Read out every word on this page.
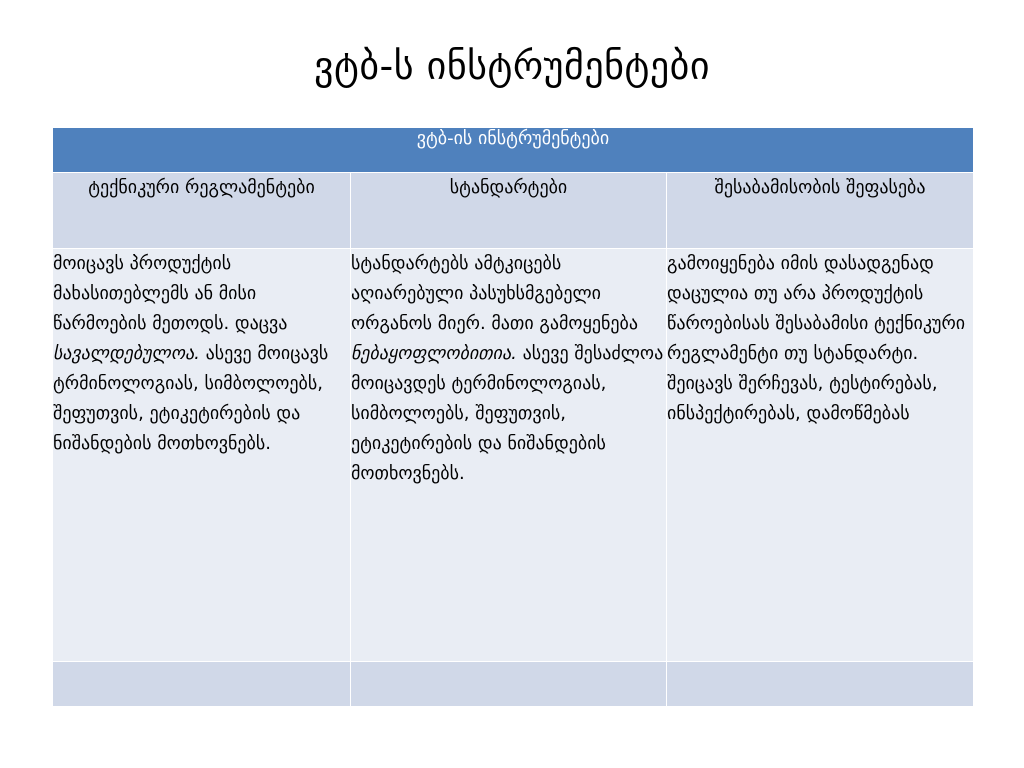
ვტბ-ს ინსტრუმენტები
ვტბ-ის ინსტრუმენტები		
ტექნიკური რეგლამენტები	სტანდარტები	შესაბამისობის შეფასება

მოიცავს პროდუქტის მახასითებლემს ან მისი წარმოების მეთოდს. დაცვა სავალდებულოა. ასევე მოიცავს ტრმინოლოგიას, სიმბოლოებს, შეფუთვის, ეტიკეტირების და ნიშანდების მოთხოვნებს.	სტანდარტებს ამტკიცებს აღიარებული პასუხსმგებელი ორგანოს მიერ. მათი გამოყენება ნებაყოფლობითია. ასევე შესაძლოა მოიცავდეს ტერმინოლოგიას, სიმბოლოებს, შეფუთვის, ეტიკეტირების და ნიშანდების მოთხოვნებს.	გამოიყენება იმის დასადგენად დაცულია თუ არა პროდუქტის წაროებისას შესაბამისი ტექნიკური რეგლამენტი თუ სტანდარტი. შეიცავს შერჩევას, ტესტირებას, ინსპექტირებას, დამოწმებას
